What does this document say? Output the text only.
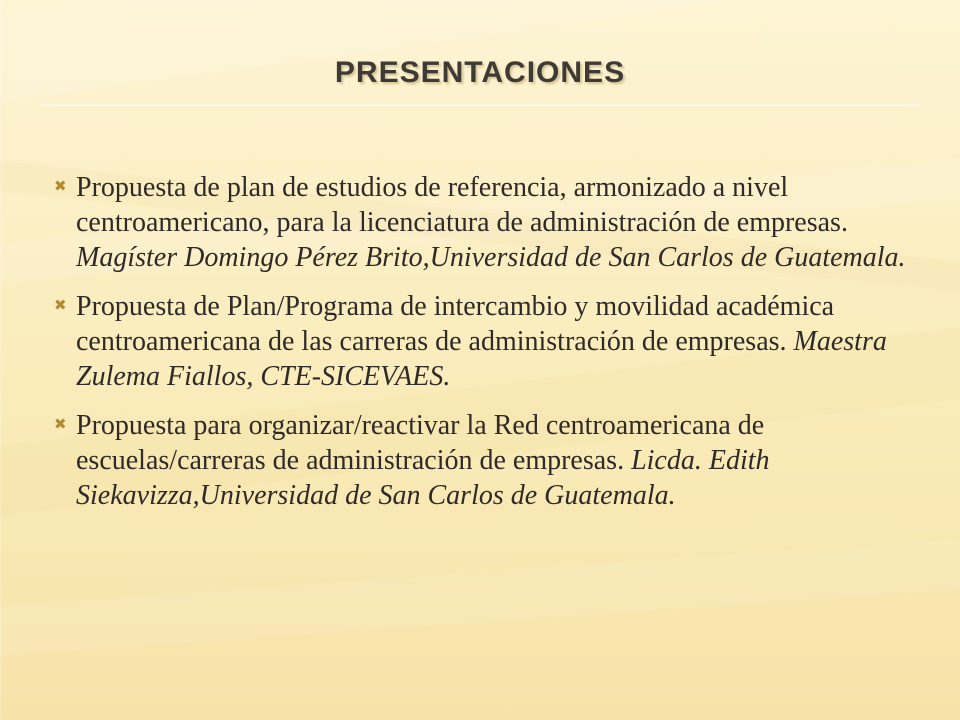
PRESENTACIONES

✖ Propuesta de plan de estudios de referencia, armonizado a nivel centroamericano, para la licenciatura de administración de empresas. Magíster Domingo Pérez Brito,Universidad de San Carlos de Guatemala.

✖ Propuesta de Plan/Programa de intercambio y movilidad académica centroamericana de las carreras de administración de empresas. Maestra Zulema Fiallos, CTE-SICEVAES.

✖ Propuesta para organizar/reactivar la Red centroamericana de escuelas/carreras de administración de empresas. Licda. Edith Siekavizza,Universidad de San Carlos de Guatemala.
